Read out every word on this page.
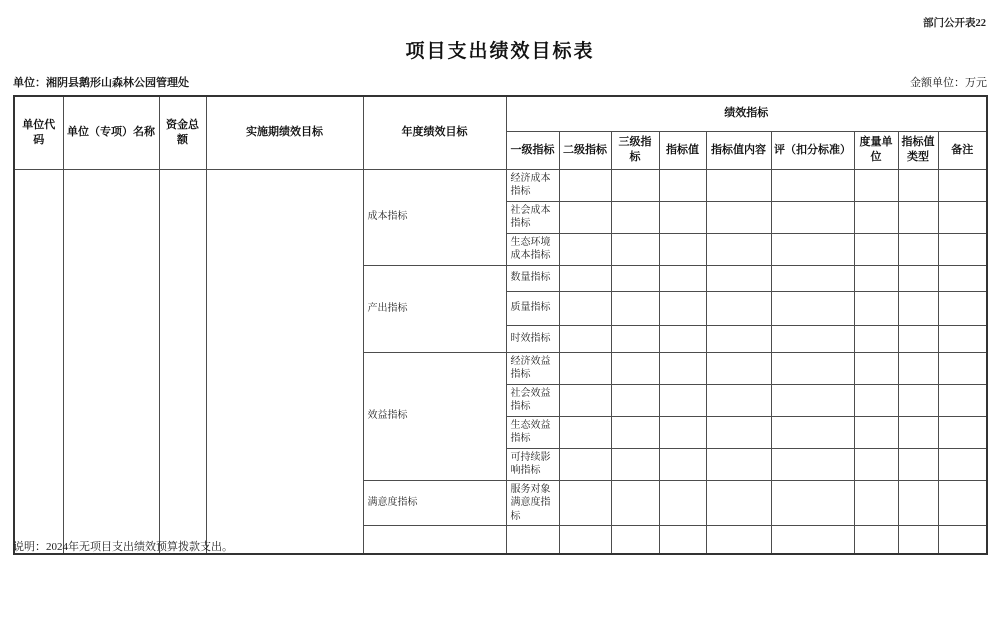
部门公开表22
项目支出绩效目标表
单位：湘阴县鹅形山森林公园管理处	金额单位：万元
单位代码	单位（专项）名称	资金总额	实施期绩效目标	年度绩效目标	绩效指标								
					一级指标	二级指标	三级指标	指标值	指标值内容	评（扣分标准）	度量单位	指标值类型	备注
				成本指标	经济成本指标								
					社会成本指标								
					生态环境成本指标								
				产出指标	数量指标								
					质量指标								
					时效指标								
				效益指标	经济效益指标								
					社会效益指标								
					生态效益指标								
					可持续影响指标								
				满意度指标	服务对象满意度指标								

说明：2024年无项目支出绩效预算拨款支出。
